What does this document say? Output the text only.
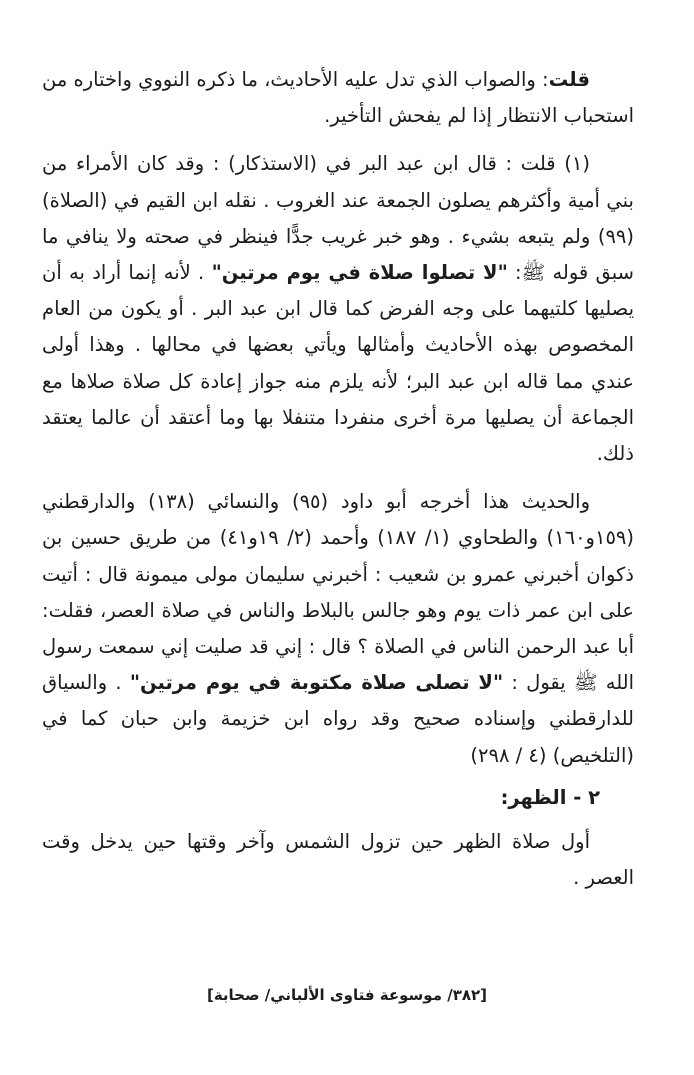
قلت: والصواب الذي تدل عليه الأحاديث، ما ذكره النووي واختاره من استحباب الانتظار إذا لم يفحش التأخير.

(١) قلت : قال ابن عبد البر في (الاستذكار) : وقد كان الأمراء من بني أمية وأكثرهم يصلون الجمعة عند الغروب . نقله ابن القيم في (الصلاة) (٩٩) ولم يتبعه بشيء . وهو خبر غريب جدًّا فينظر في صحته ولا ينافي ما سبق قوله ﷺ: "لا تصلوا صلاة في يوم مرتين" . لأنه إنما أراد به أن يصليها كلتيهما على وجه الفرض كما قال ابن عبد البر . أو يكون من العام المخصوص بهذه الأحاديث وأمثالها ويأتي بعضها في محالها . وهذا أولى عندي مما قاله ابن عبد البر؛ لأنه يلزم منه جواز إعادة كل صلاة صلاها مع الجماعة أن يصليها مرة أخرى منفردا متنفلا بها وما أعتقد أن عالما يعتقد ذلك.

والحديث هذا أخرجه أبو داود (٩٥) والنسائي (١٣٨) والدارقطني (١٥٩و١٦٠) والطحاوي (١/ ١٨٧) وأحمد (٢/ ١٩و٤١) من طريق حسين بن ذكوان أخبرني عمرو بن شعيب : أخبرني سليمان مولى ميمونة قال : أتيت على ابن عمر ذات يوم وهو جالس بالبلاط والناس في صلاة العصر، فقلت: أبا عبد الرحمن الناس في الصلاة ؟ قال : إني قد صليت إني سمعت رسول الله ﷺ يقول : "لا تصلى صلاة مكتوبة في يوم مرتين" . والسياق للدارقطني وإسناده صحيح وقد رواه ابن خزيمة وابن حبان كما في (التلخيص) (٤ / ٢٩٨)

٢ - الظهر:

أول صلاة الظهر حين تزول الشمس وآخر وقتها حين يدخل وقت العصر .

[٣٨٢/ موسوعة فتاوى الألباني/ صحابة]
